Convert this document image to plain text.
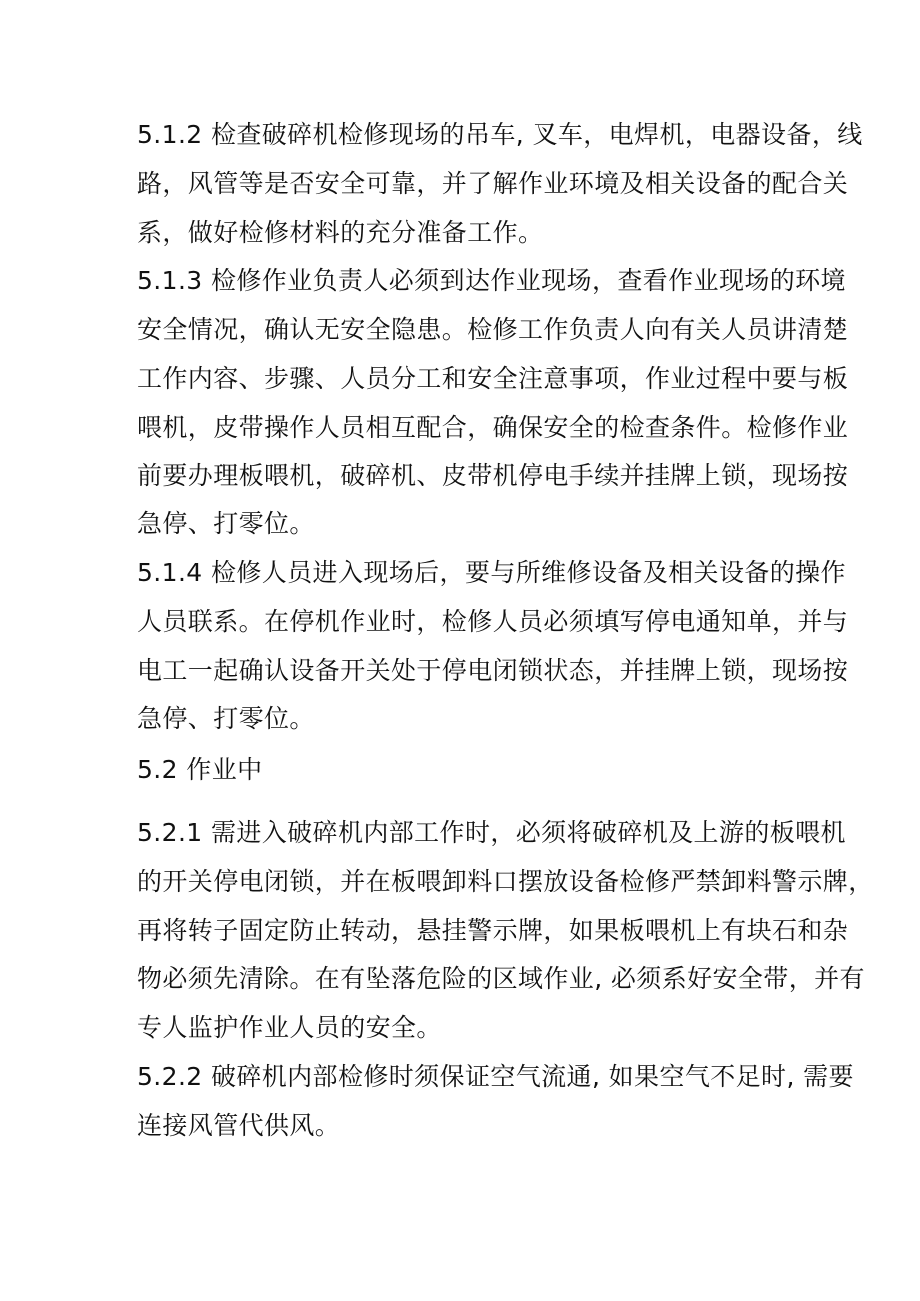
5.1.2 检查破碎机检修现场的吊车, 叉车，电焊机，电器设备，线
路，风管等是否安全可靠，并了解作业环境及相关设备的配合关
系，做好检修材料的充分准备工作。
5.1.3 检修作业负责人必须到达作业现场，查看作业现场的环境
安全情况，确认无安全隐患。检修工作负责人向有关人员讲清楚
工作内容、步骤、人员分工和安全注意事项，作业过程中要与板
喂机，皮带操作人员相互配合，确保安全的检查条件。检修作业
前要办理板喂机，破碎机、皮带机停电手续并挂牌上锁，现场按
急停、打零位。
5.1.4 检修人员进入现场后，要与所维修设备及相关设备的操作
人员联系。在停机作业时，检修人员必须填写停电通知单，并与
电工一起确认设备开关处于停电闭锁状态，并挂牌上锁，现场按
急停、打零位。
5.2 作业中
5.2.1 需进入破碎机内部工作时，必须将破碎机及上游的板喂机
的开关停电闭锁，并在板喂卸料口摆放设备检修严禁卸料警示牌，
再将转子固定防止转动，悬挂警示牌，如果板喂机上有块石和杂
物必须先清除。在有坠落危险的区域作业, 必须系好安全带，并有
专人监护作业人员的安全。
5.2.2 破碎机内部检修时须保证空气流通, 如果空气不足时, 需要
连接风管代供风。
